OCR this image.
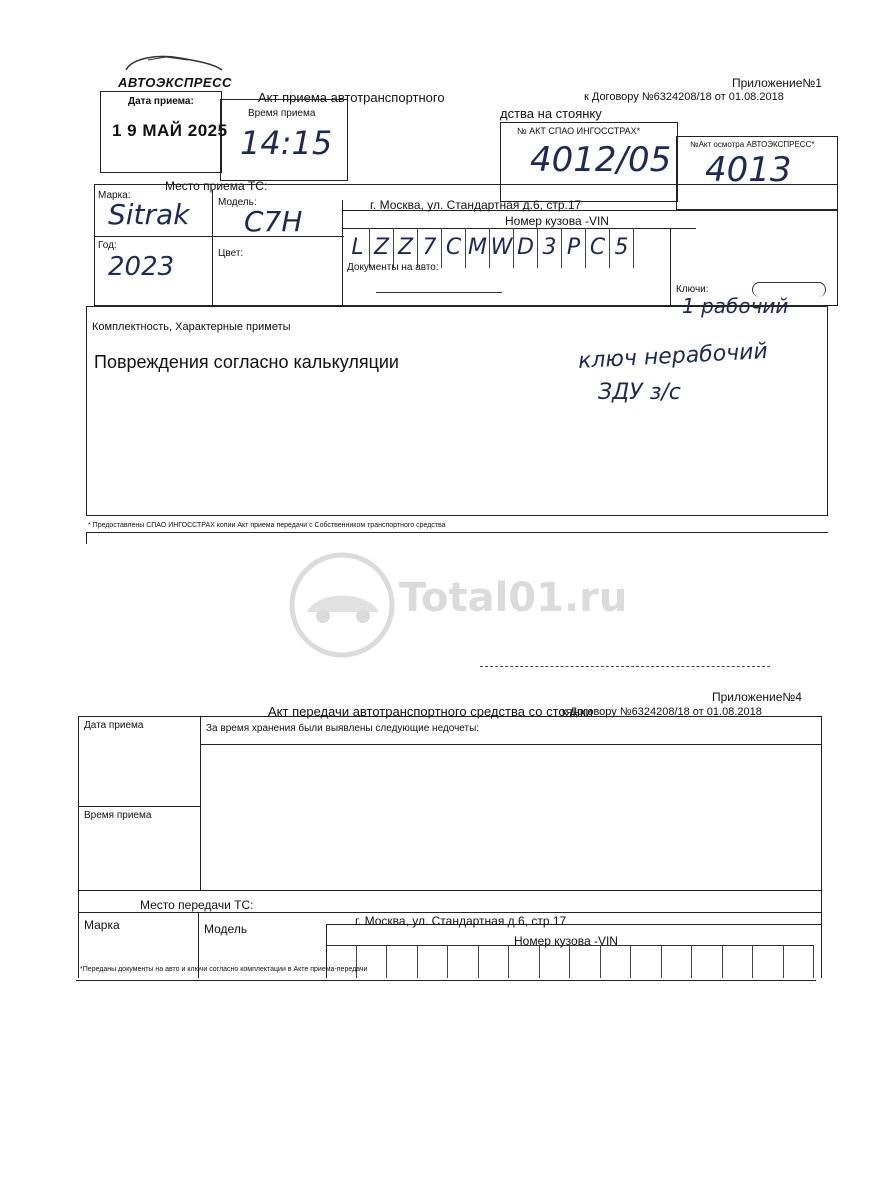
АВТОЭКСПРЕСС	Приложение№1
к Договору №6324208/18 от 01.08.2018
Акт приема автотранспортного
дства на стоянку
Дата приема:
1 9 МАЙ 2025
Время приема
14:15	№ АКТ СПАО ИНГОССТРАХ*
4012/05 №Акт осмотра АВТОЭКСПРЕСС*
4013
Место приема ТС:
г. Москва, ул. Стандартная д.6, стр.17
Марка:
Sitrak	Модель:
C7H	Номер кузова -VIN
L Z Z 7 C M W D 3 P C 5
Год:
2023	Цвет:
Документы на авто:
Ключи:
1 рабочий
Комплектность, Характерные приметы
Повреждения согласно калькуляции	ключ нерабочий
ЗДУ з/с
* Предоставлены СПАО ИНГОССТРАХ копии Акт приема передачи с Собственником транспортного средства
Total01.ru
Приложение№4
к Договору №6324208/18 от 01.08.2018
Акт передачи автотранспортного средства со стоянки
Дата приема
Время приема
За время хранения были выявлены следующие недочеты:
Место передачи ТС:
г. Москва, ул. Стандартная д.6, стр.17
Марка	Модель
Номер кузова -VIN
*Переданы документы на авто и ключи согласно комплектации в Акте приема-передачи
